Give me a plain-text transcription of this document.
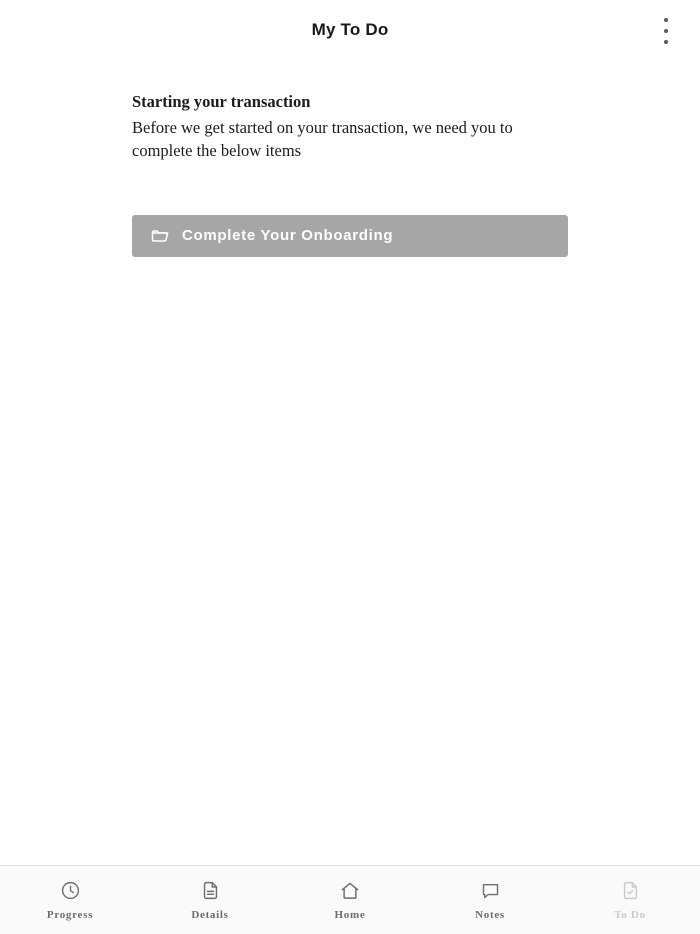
My To Do
Starting your transaction
Before we get started on your transaction, we need you to complete the below items
Complete Your Onboarding
Progress	Details	Home	Notes	To Do
